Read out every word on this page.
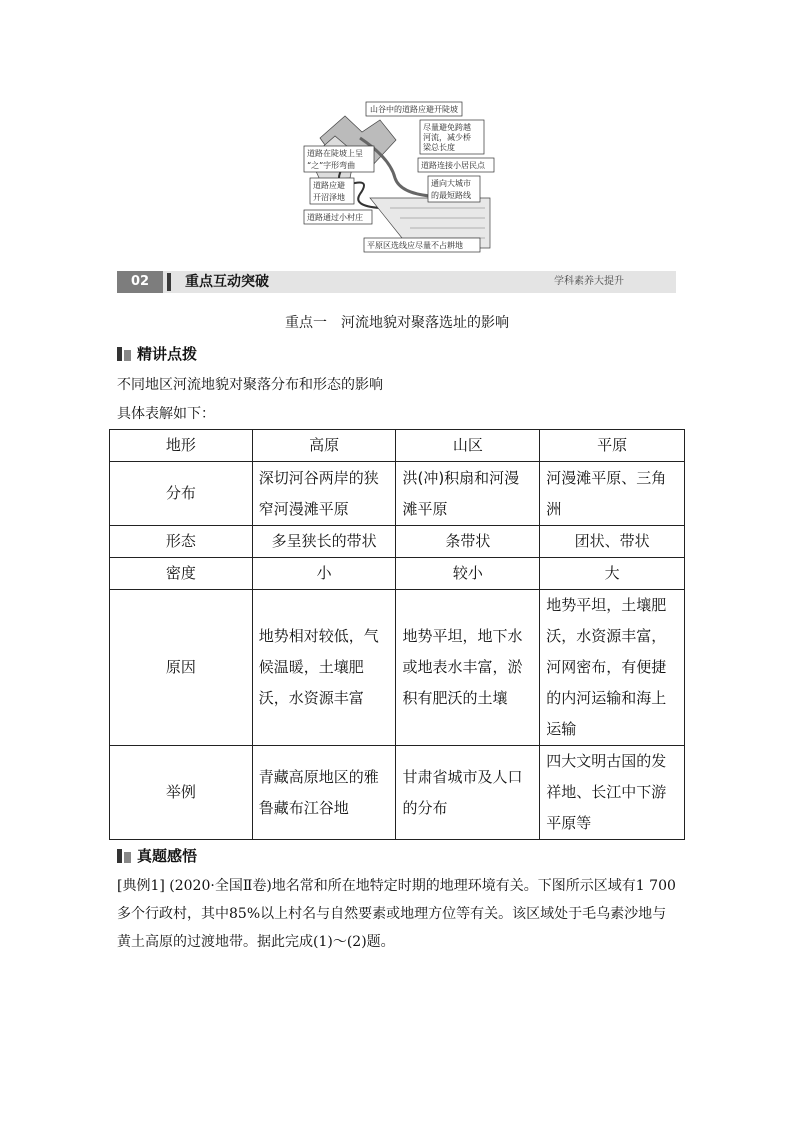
山谷中的道路应避开陡坡
尽量避免跨越
河流，减少桥
梁总长度
道路在陡坡上呈
“之”字形弯曲	道路连接小居民点
道路应避
开沼泽地
通向大城市
的最短路线
道路通过小村庄
平原区选线应尽量不占耕地
02	重点互动突破	学科素养大提升
重点一　河流地貌对聚落选址的影响
精讲点拨
不同地区河流地貌对聚落分布和形态的影响
具体表解如下：
地形	高原	山区	平原
分布	深切河谷两岸的狭窄河漫滩平原	洪(冲)积扇和河漫滩平原	河漫滩平原、三角洲
形态	多呈狭长的带状	条带状	团状、带状
密度	小	较小	大
原因	地势相对较低，气候温暖，土壤肥沃，水资源丰富	地势平坦，地下水或地表水丰富，淤积有肥沃的土壤	地势平坦，土壤肥沃，水资源丰富，河网密布，有便捷的内河运输和海上运输
举例	青藏高原地区的雅鲁藏布江谷地	甘肃省城市及人口的分布	四大文明古国的发祥地、长江中下游平原等
真题感悟
[典例1] (2020·全国Ⅱ卷)地名常和所在地特定时期的地理环境有关。下图所示区域有1 700多个行政村，其中85%以上村名与自然要素或地理方位等有关。该区域处于毛乌素沙地与黄土高原的过渡地带。据此完成(1)～(2)题。
